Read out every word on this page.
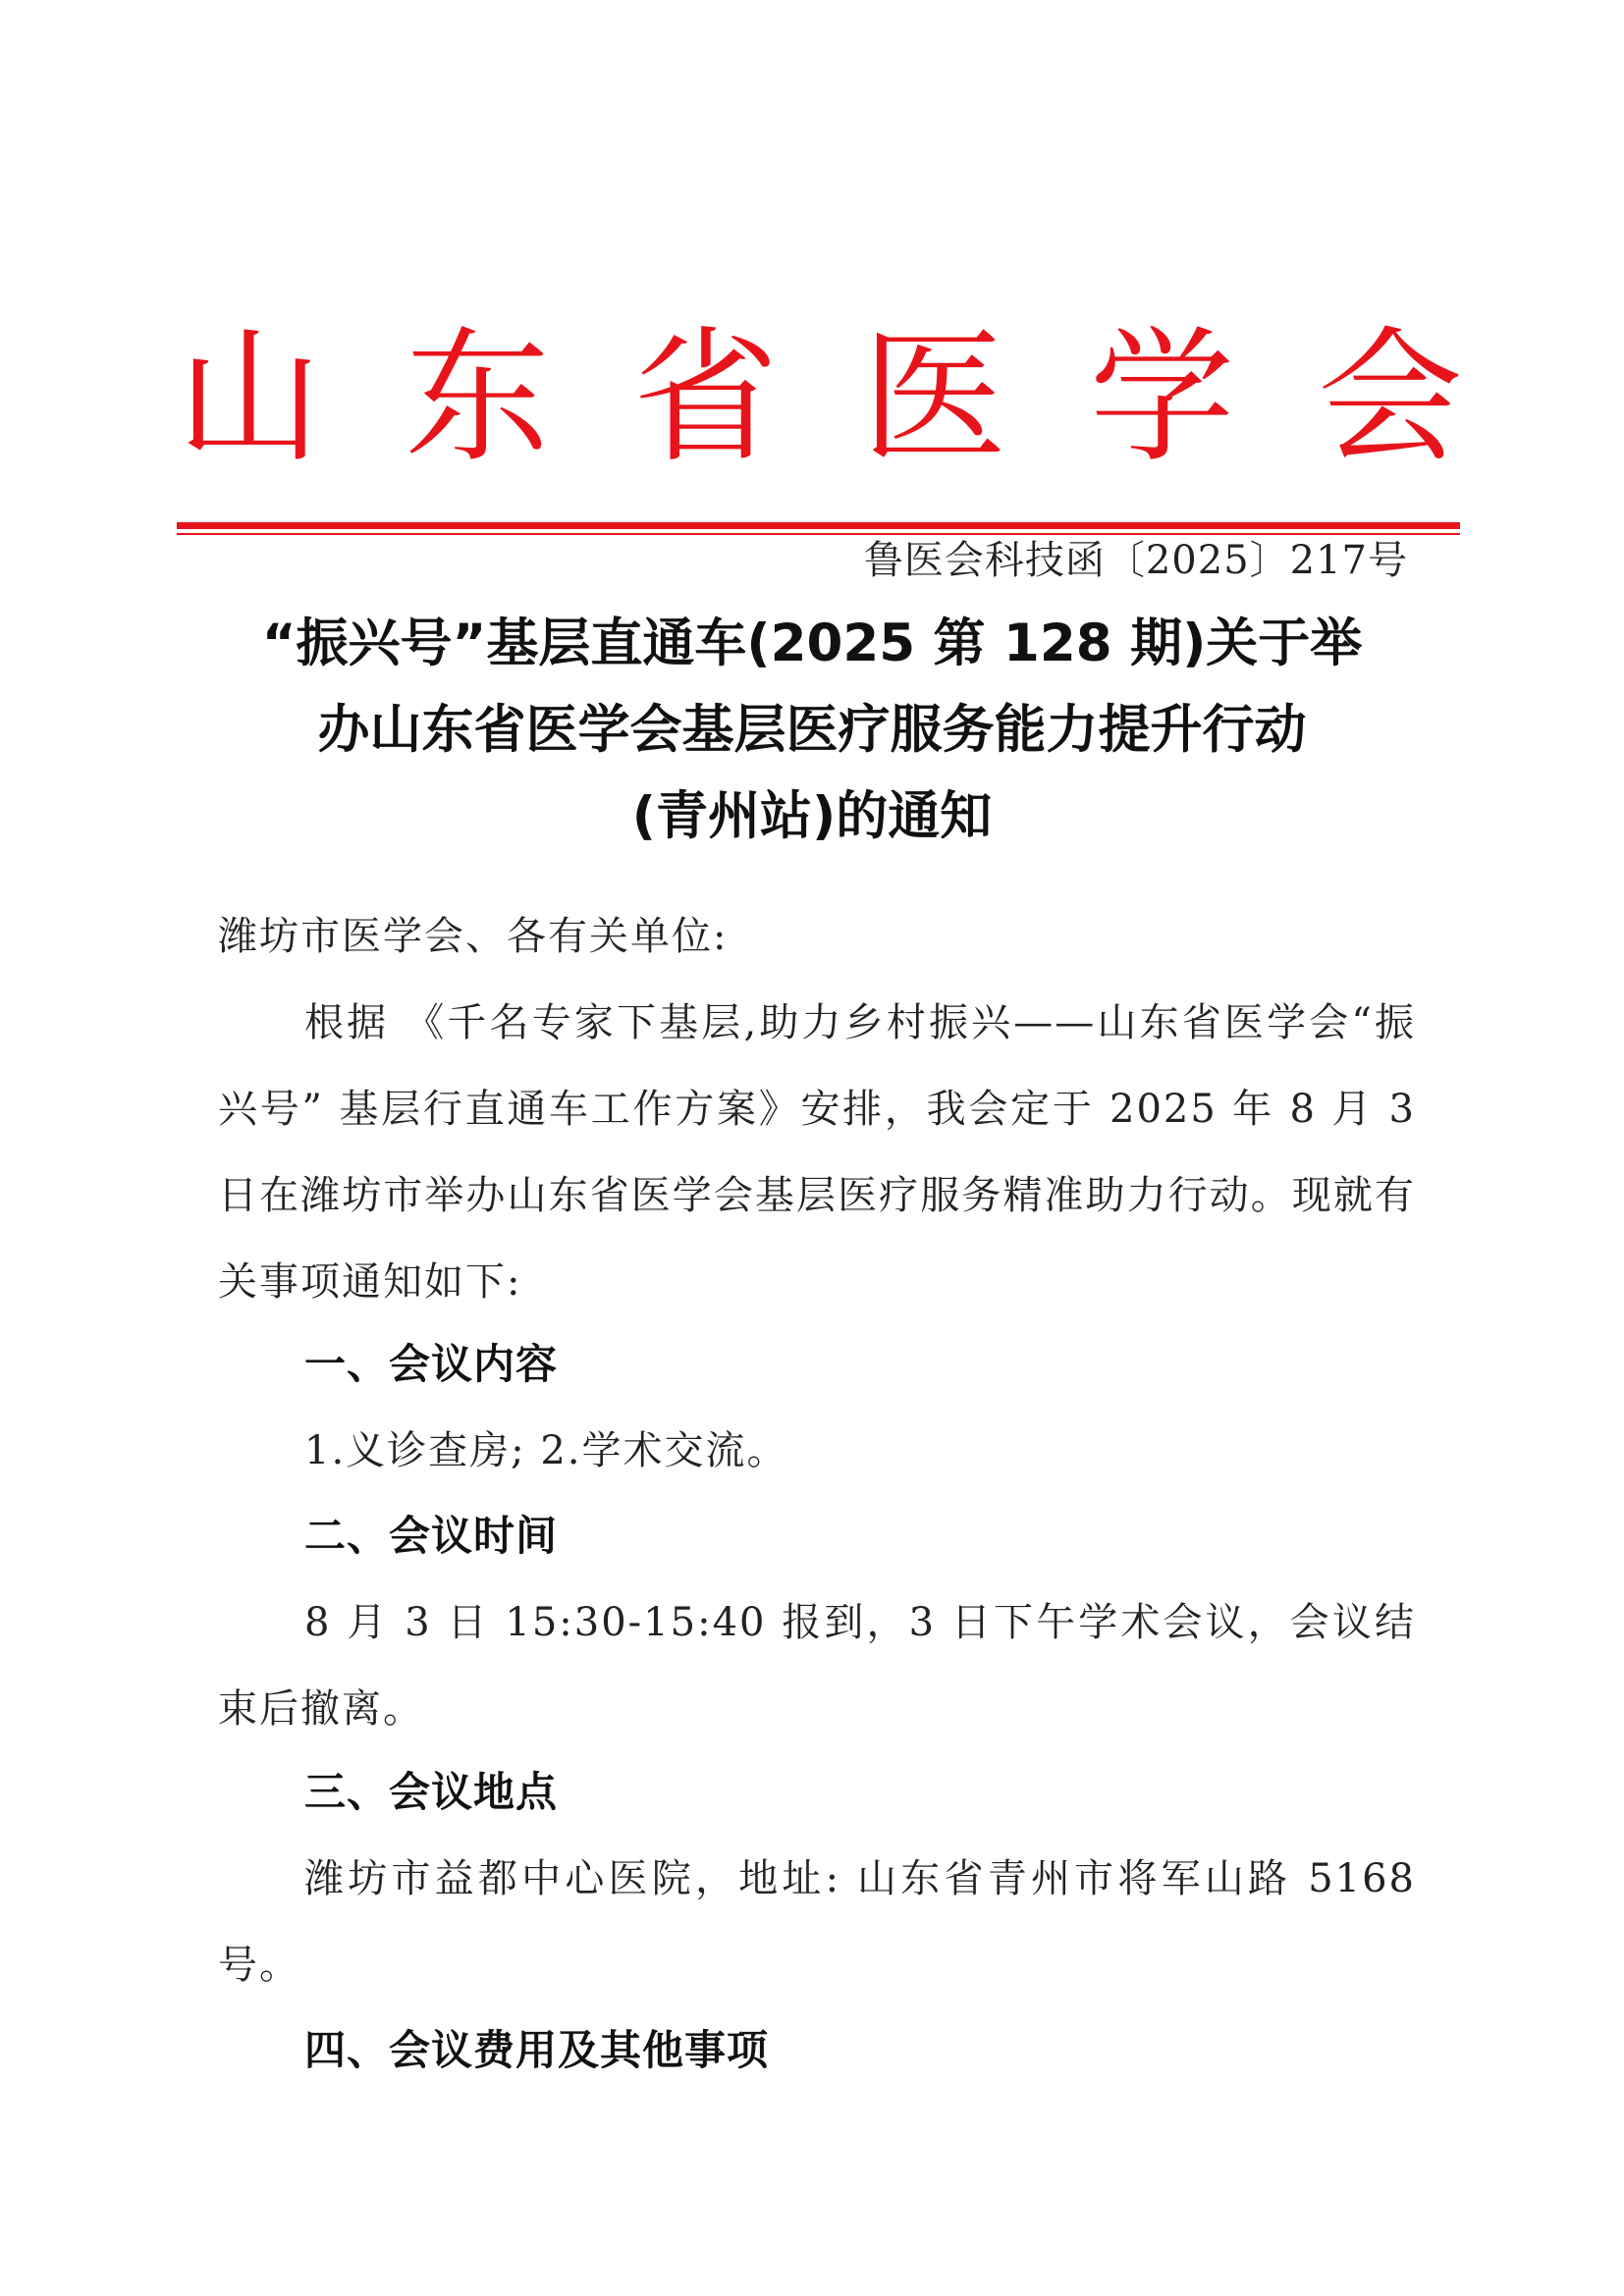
山 东 省 医 学 会
鲁医会科技函〔2025〕217号
“振兴号”基层直通车(2025 第 128 期)关于举
办山东省医学会基层医疗服务能力提升行动
(青州站)的通知
潍坊市医学会、各有关单位:
根据 《千名专家下基层,助力乡村振兴——山东省医学会“振兴号” 基层行直通车工作方案》安排，我会定于 2025 年 8 月 3 日在潍坊市举办山东省医学会基层医疗服务精准助力行动。现就有关事项通知如下:
一、会议内容
1.义诊查房; 2.学术交流。
二、会议时间
8 月 3 日 15:30-15:40 报到，3 日下午学术会议，会议结束后撤离。
三、会议地点
潍坊市益都中心医院，地址: 山东省青州市将军山路 5168 号。
四、会议费用及其他事项
